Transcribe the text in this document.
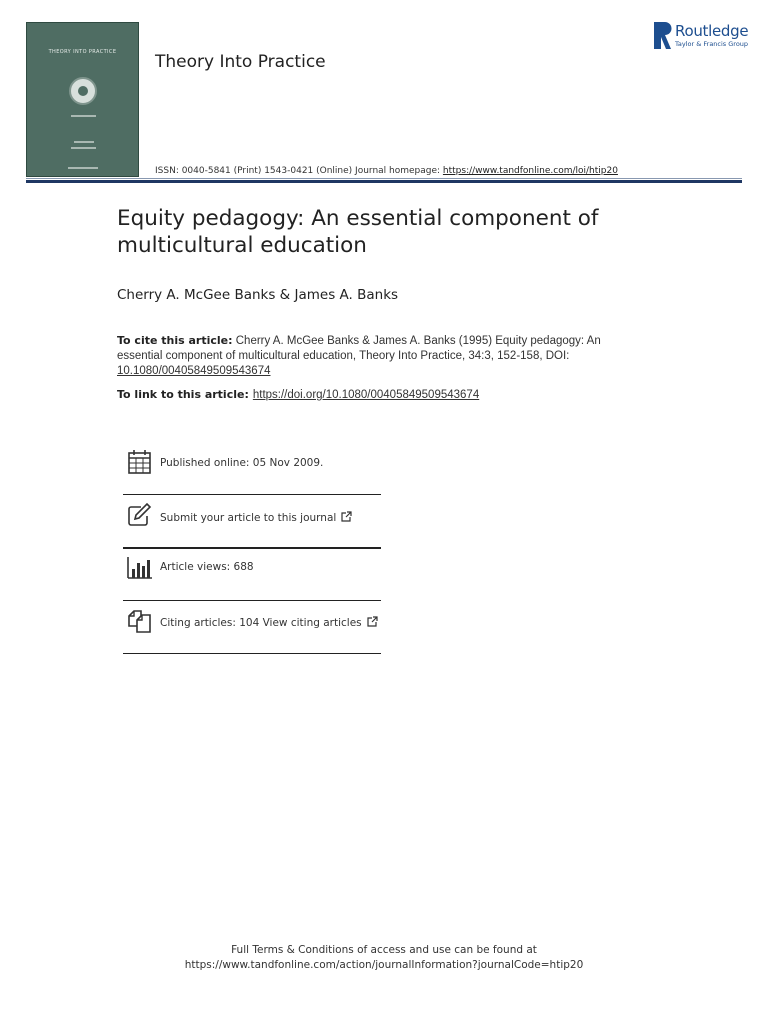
THEORY INTO PRACTICE	Theory Into Practice
Routledge
Taylor & Francis Group
ISSN: 0040-5841 (Print) 1543-0421 (Online) Journal homepage: https://www.tandfonline.com/loi/htip20
Equity pedagogy: An essential component of multicultural education
Cherry A. McGee Banks & James A. Banks
To cite this article: Cherry A. McGee Banks & James A. Banks (1995) Equity pedagogy: An essential component of multicultural education, Theory Into Practice, 34:3, 152-158, DOI: 10.1080/00405849509543674
To link to this article: https://doi.org/10.1080/00405849509543674
Published online: 05 Nov 2009.
Submit your article to this journal
Article views: 688
Citing articles: 104 View citing articles
Full Terms & Conditions of access and use can be found at
https://www.tandfonline.com/action/journalInformation?journalCode=htip20
